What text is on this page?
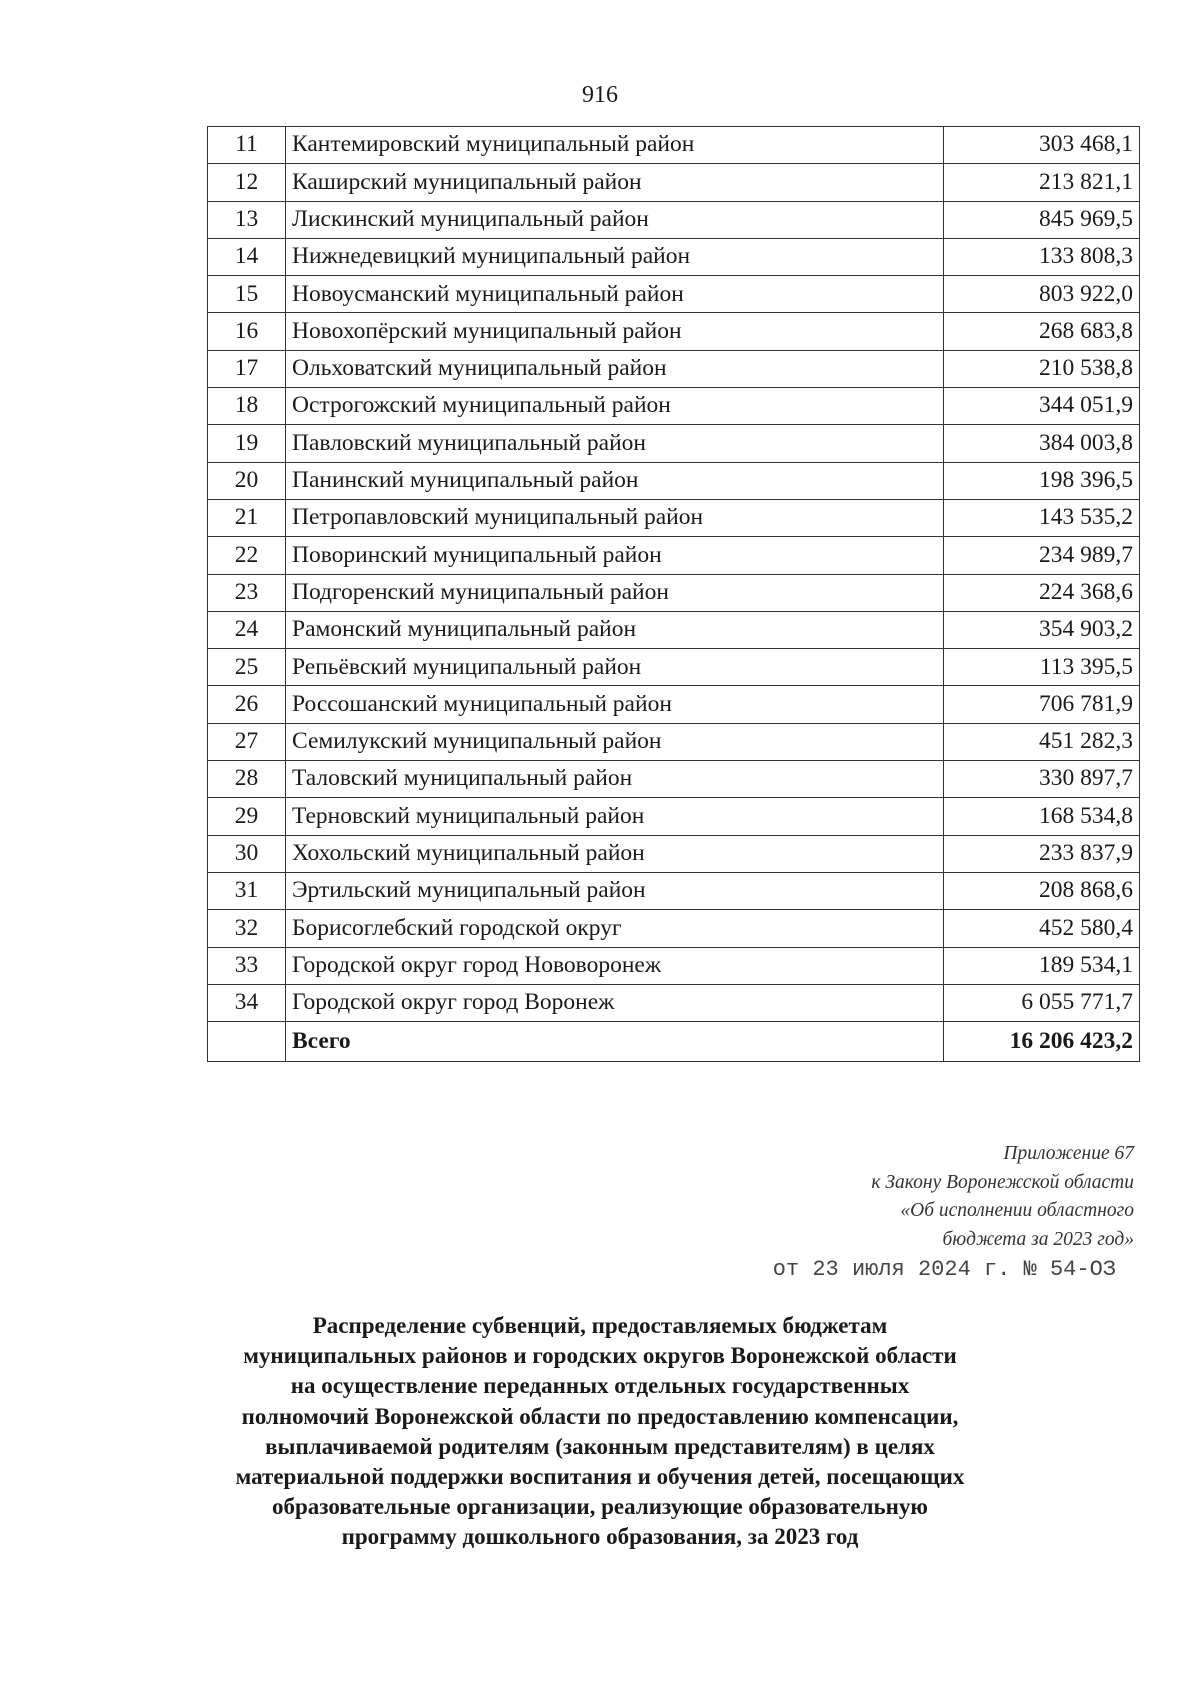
916
11	Кантемировский муниципальный район	303 468,1
12	Каширский муниципальный район	213 821,1
13	Лискинский муниципальный район	845 969,5
14	Нижнедевицкий муниципальный район	133 808,3
15	Новоусманский муниципальный район	803 922,0
16	Новохопёрский муниципальный район	268 683,8
17	Ольховатский муниципальный район	210 538,8
18	Острогожский муниципальный район	344 051,9
19	Павловский муниципальный район	384 003,8
20	Панинский муниципальный район	198 396,5
21	Петропавловский муниципальный район	143 535,2
22	Поворинский муниципальный район	234 989,7
23	Подгоренский муниципальный район	224 368,6
24	Рамонский муниципальный район	354 903,2
25	Репьёвский муниципальный район	113 395,5
26	Россошанский муниципальный район	706 781,9
27	Семилукский муниципальный район	451 282,3
28	Таловский муниципальный район	330 897,7
29	Терновский муниципальный район	168 534,8
30	Хохольский муниципальный район	233 837,9
31	Эртильский муниципальный район	208 868,6
32	Борисоглебский городской округ	452 580,4
33	Городской округ город Нововоронеж	189 534,1
34	Городской округ город Воронеж	6 055 771,7
	Всего	16 206 423,2
Приложение 67
к Закону Воронежской области
«Об исполнении областного
бюджета за 2023 год»
от 23 июля 2024 г. № 54-ОЗ
Распределение субвенций, предоставляемых бюджетам
муниципальных районов и городских округов Воронежской области
на осуществление переданных отдельных государственных
полномочий Воронежской области по предоставлению компенсации,
выплачиваемой родителям (законным представителям) в целях
материальной поддержки воспитания и обучения детей, посещающих
образовательные организации, реализующие образовательную
программу дошкольного образования, за 2023 год
